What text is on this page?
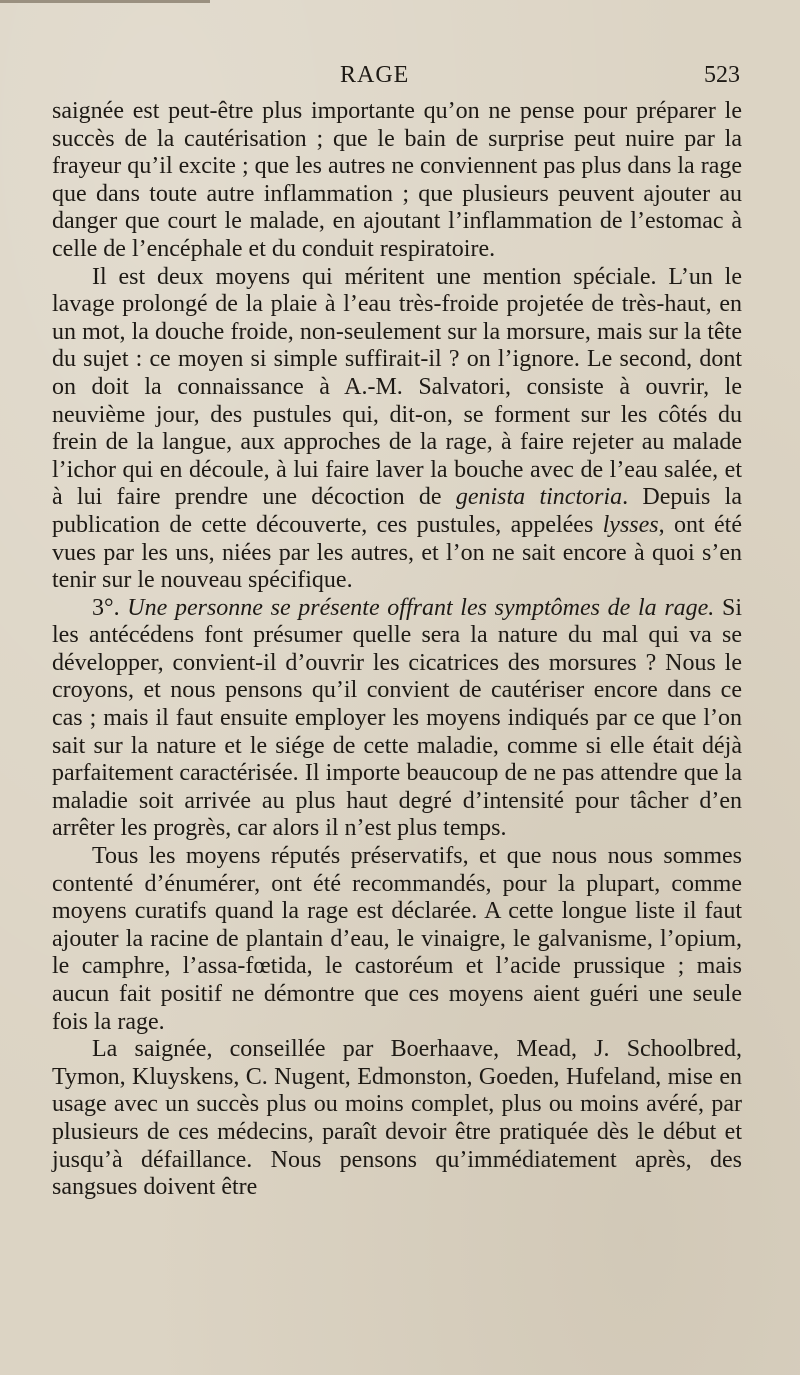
RAGE	523

saignée est peut-être plus importante qu’on ne pense pour préparer le succès de la cautérisation ; que le bain de surprise peut nuire par la frayeur qu’il excite ; que les autres ne conviennent pas plus dans la rage que dans toute autre inflammation ; que plusieurs peuvent ajouter au danger que court le malade, en ajoutant l’inflammation de l’estomac à celle de l’encéphale et du conduit respiratoire.

Il est deux moyens qui méritent une mention spéciale. L’un le lavage prolongé de la plaie à l’eau très-froide projetée de très-haut, en un mot, la douche froide, non-seulement sur la morsure, mais sur la tête du sujet : ce moyen si simple suffirait-il ? on l’ignore. Le second, dont on doit la connaissance à A.-M. Salvatori, consiste à ouvrir, le neuvième jour, des pustules qui, dit-on, se forment sur les côtés du frein de la langue, aux approches de la rage, à faire rejeter au malade l’ichor qui en découle, à lui faire laver la bouche avec de l’eau salée, et à lui faire prendre une décoction de genista tinctoria. Depuis la publication de cette découverte, ces pustules, appelées lysses, ont été vues par les uns, niées par les autres, et l’on ne sait encore à quoi s’en tenir sur le nouveau spécifique.

3°. Une personne se présente offrant les symptômes de la rage. Si les antécédens font présumer quelle sera la nature du mal qui va se développer, convient-il d’ouvrir les cicatrices des morsures ? Nous le croyons, et nous pensons qu’il convient de cautériser encore dans ce cas ; mais il faut ensuite employer les moyens indiqués par ce que l’on sait sur la nature et le siége de cette maladie, comme si elle était déjà parfaitement caractérisée. Il importe beaucoup de ne pas attendre que la maladie soit arrivée au plus haut degré d’intensité pour tâcher d’en arrêter les progrès, car alors il n’est plus temps.

Tous les moyens réputés préservatifs, et que nous nous sommes contenté d’énumérer, ont été recommandés, pour la plupart, comme moyens curatifs quand la rage est déclarée. A cette longue liste il faut ajouter la racine de plantain d’eau, le vinaigre, le galvanisme, l’opium, le camphre, l’assa-fœtida, le castoréum et l’acide prussique ; mais aucun fait positif ne démontre que ces moyens aient guéri une seule fois la rage.

La saignée, conseillée par Boerhaave, Mead, J. Schoolbred, Tymon, Kluyskens, C. Nugent, Edmonston, Goeden, Hufeland, mise en usage avec un succès plus ou moins complet, plus ou moins avéré, par plusieurs de ces médecins, paraît devoir être pratiquée dès le début et jusqu’à défaillance. Nous pensons qu’immédiatement après, des sangsues doivent être
